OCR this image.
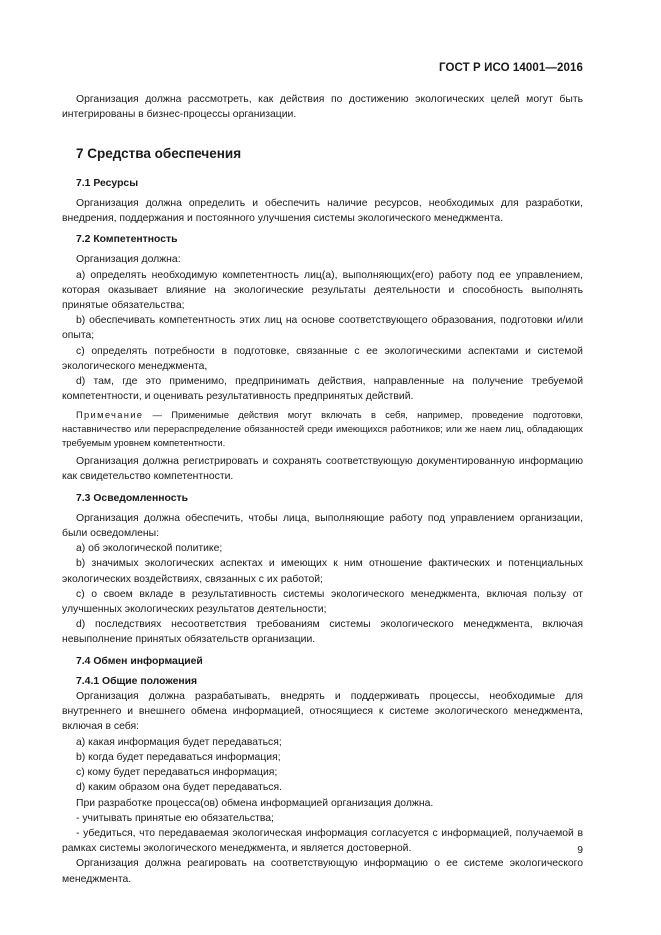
ГОСТ Р ИСО 14001—2016

Организация должна рассмотреть, как действия по достижению экологических целей могут быть интегрированы в бизнес-процессы организации.

7 Средства обеспечения

7.1 Ресурсы

Организация должна определить и обеспечить наличие ресурсов, необходимых для разработки, внедрения, поддержания и постоянного улучшения системы экологического менеджмента.

7.2 Компетентность

Организация должна:

a) определять необходимую компетентность лиц(а), выполняющих(его) работу под ее управлением, которая оказывает влияние на экологические результаты деятельности и способность выполнять принятые обязательства;

b) обеспечивать компетентность этих лиц на основе соответствующего образования, подготовки и/или опыта;

c) определять потребности в подготовке, связанные с ее экологическими аспектами и системой экологического менеджмента,

d) там, где это применимо, предпринимать действия, направленные на получение требуемой компетентности, и оценивать результативность предпринятых действий.

Примечание — Применимые действия могут включать в себя, например, проведение подготовки, наставничество или перераспределение обязанностей среди имеющихся работников; или же наем лиц, обладающих требуемым уровнем компетентности.

Организация должна регистрировать и сохранять соответствующую документированную информацию как свидетельство компетентности.

7.3 Осведомленность

Организация должна обеспечить, чтобы лица, выполняющие работу под управлением организации, были осведомлены:

a) об экологической политике;

b) значимых экологических аспектах и имеющих к ним отношение фактических и потенциальных экологических воздействиях, связанных с их работой;

c) о своем вкладе в результативность системы экологического менеджмента, включая пользу от улучшенных экологических результатов деятельности;

d) последствиях несоответствия требованиям системы экологического менеджмента, включая невыполнение принятых обязательств организации.

7.4 Обмен информацией

7.4.1 Общие положения

Организация должна разрабатывать, внедрять и поддерживать процессы, необходимые для внутреннего и внешнего обмена информацией, относящиеся к системе экологического менеджмента, включая в себя:

a) какая информация будет передаваться;

b) когда будет передаваться информация;

c) кому будет передаваться информация;

d) каким образом она будет передаваться.

При разработке процесса(ов) обмена информацией организация должна.

- учитывать принятые ею обязательства;

- убедиться, что передаваемая экологическая информация согласуется с информацией, получаемой в рамках системы экологического менеджмента, и является достоверной.

Организация должна реагировать на соответствующую информацию о ее системе экологического менеджмента.

9
